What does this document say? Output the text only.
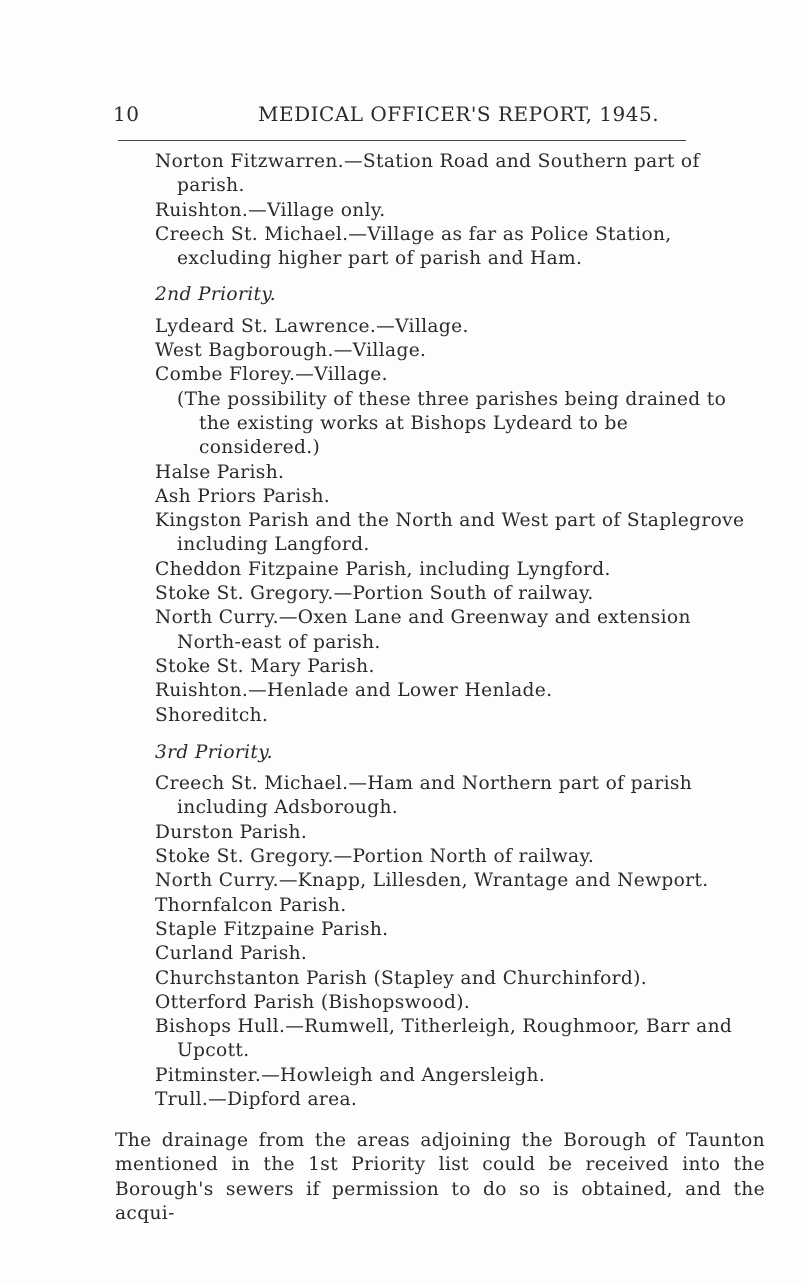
10	MEDICAL OFFICER'S REPORT, 1945.

Norton Fitzwarren.—Station Road and Southern part of parish.

Ruishton.—Village only.

Creech St. Michael.—Village as far as Police Station, excluding higher part of parish and Ham.

2nd Priority.

Lydeard St. Lawrence.—Village.

West Bagborough.—Village.

Combe Florey.—Village.

(The possibility of these three parishes being drained to the existing works at Bishops Lydeard to be considered.)

Halse Parish.

Ash Priors Parish.

Kingston Parish and the North and West part of Staplegrove including Langford.

Cheddon Fitzpaine Parish, including Lyngford.

Stoke St. Gregory.—Portion South of railway.

North Curry.—Oxen Lane and Greenway and extension North-east of parish.

Stoke St. Mary Parish.

Ruishton.—Henlade and Lower Henlade.

Shoreditch.

3rd Priority.

Creech St. Michael.—Ham and Northern part of parish including Adsborough.

Durston Parish.

Stoke St. Gregory.—Portion North of railway.

North Curry.—Knapp, Lillesden, Wrantage and Newport.

Thornfalcon Parish.

Staple Fitzpaine Parish.

Curland Parish.

Churchstanton Parish (Stapley and Churchinford).

Otterford Parish (Bishopswood).

Bishops Hull.—Rumwell, Titherleigh, Roughmoor, Barr and Upcott.

Pitminster.—Howleigh and Angersleigh.

Trull.—Dipford area.

The drainage from the areas adjoining the Borough of Taunton mentioned in the 1st Priority list could be received into the Borough's sewers if permission to do so is obtained, and the acqui-
